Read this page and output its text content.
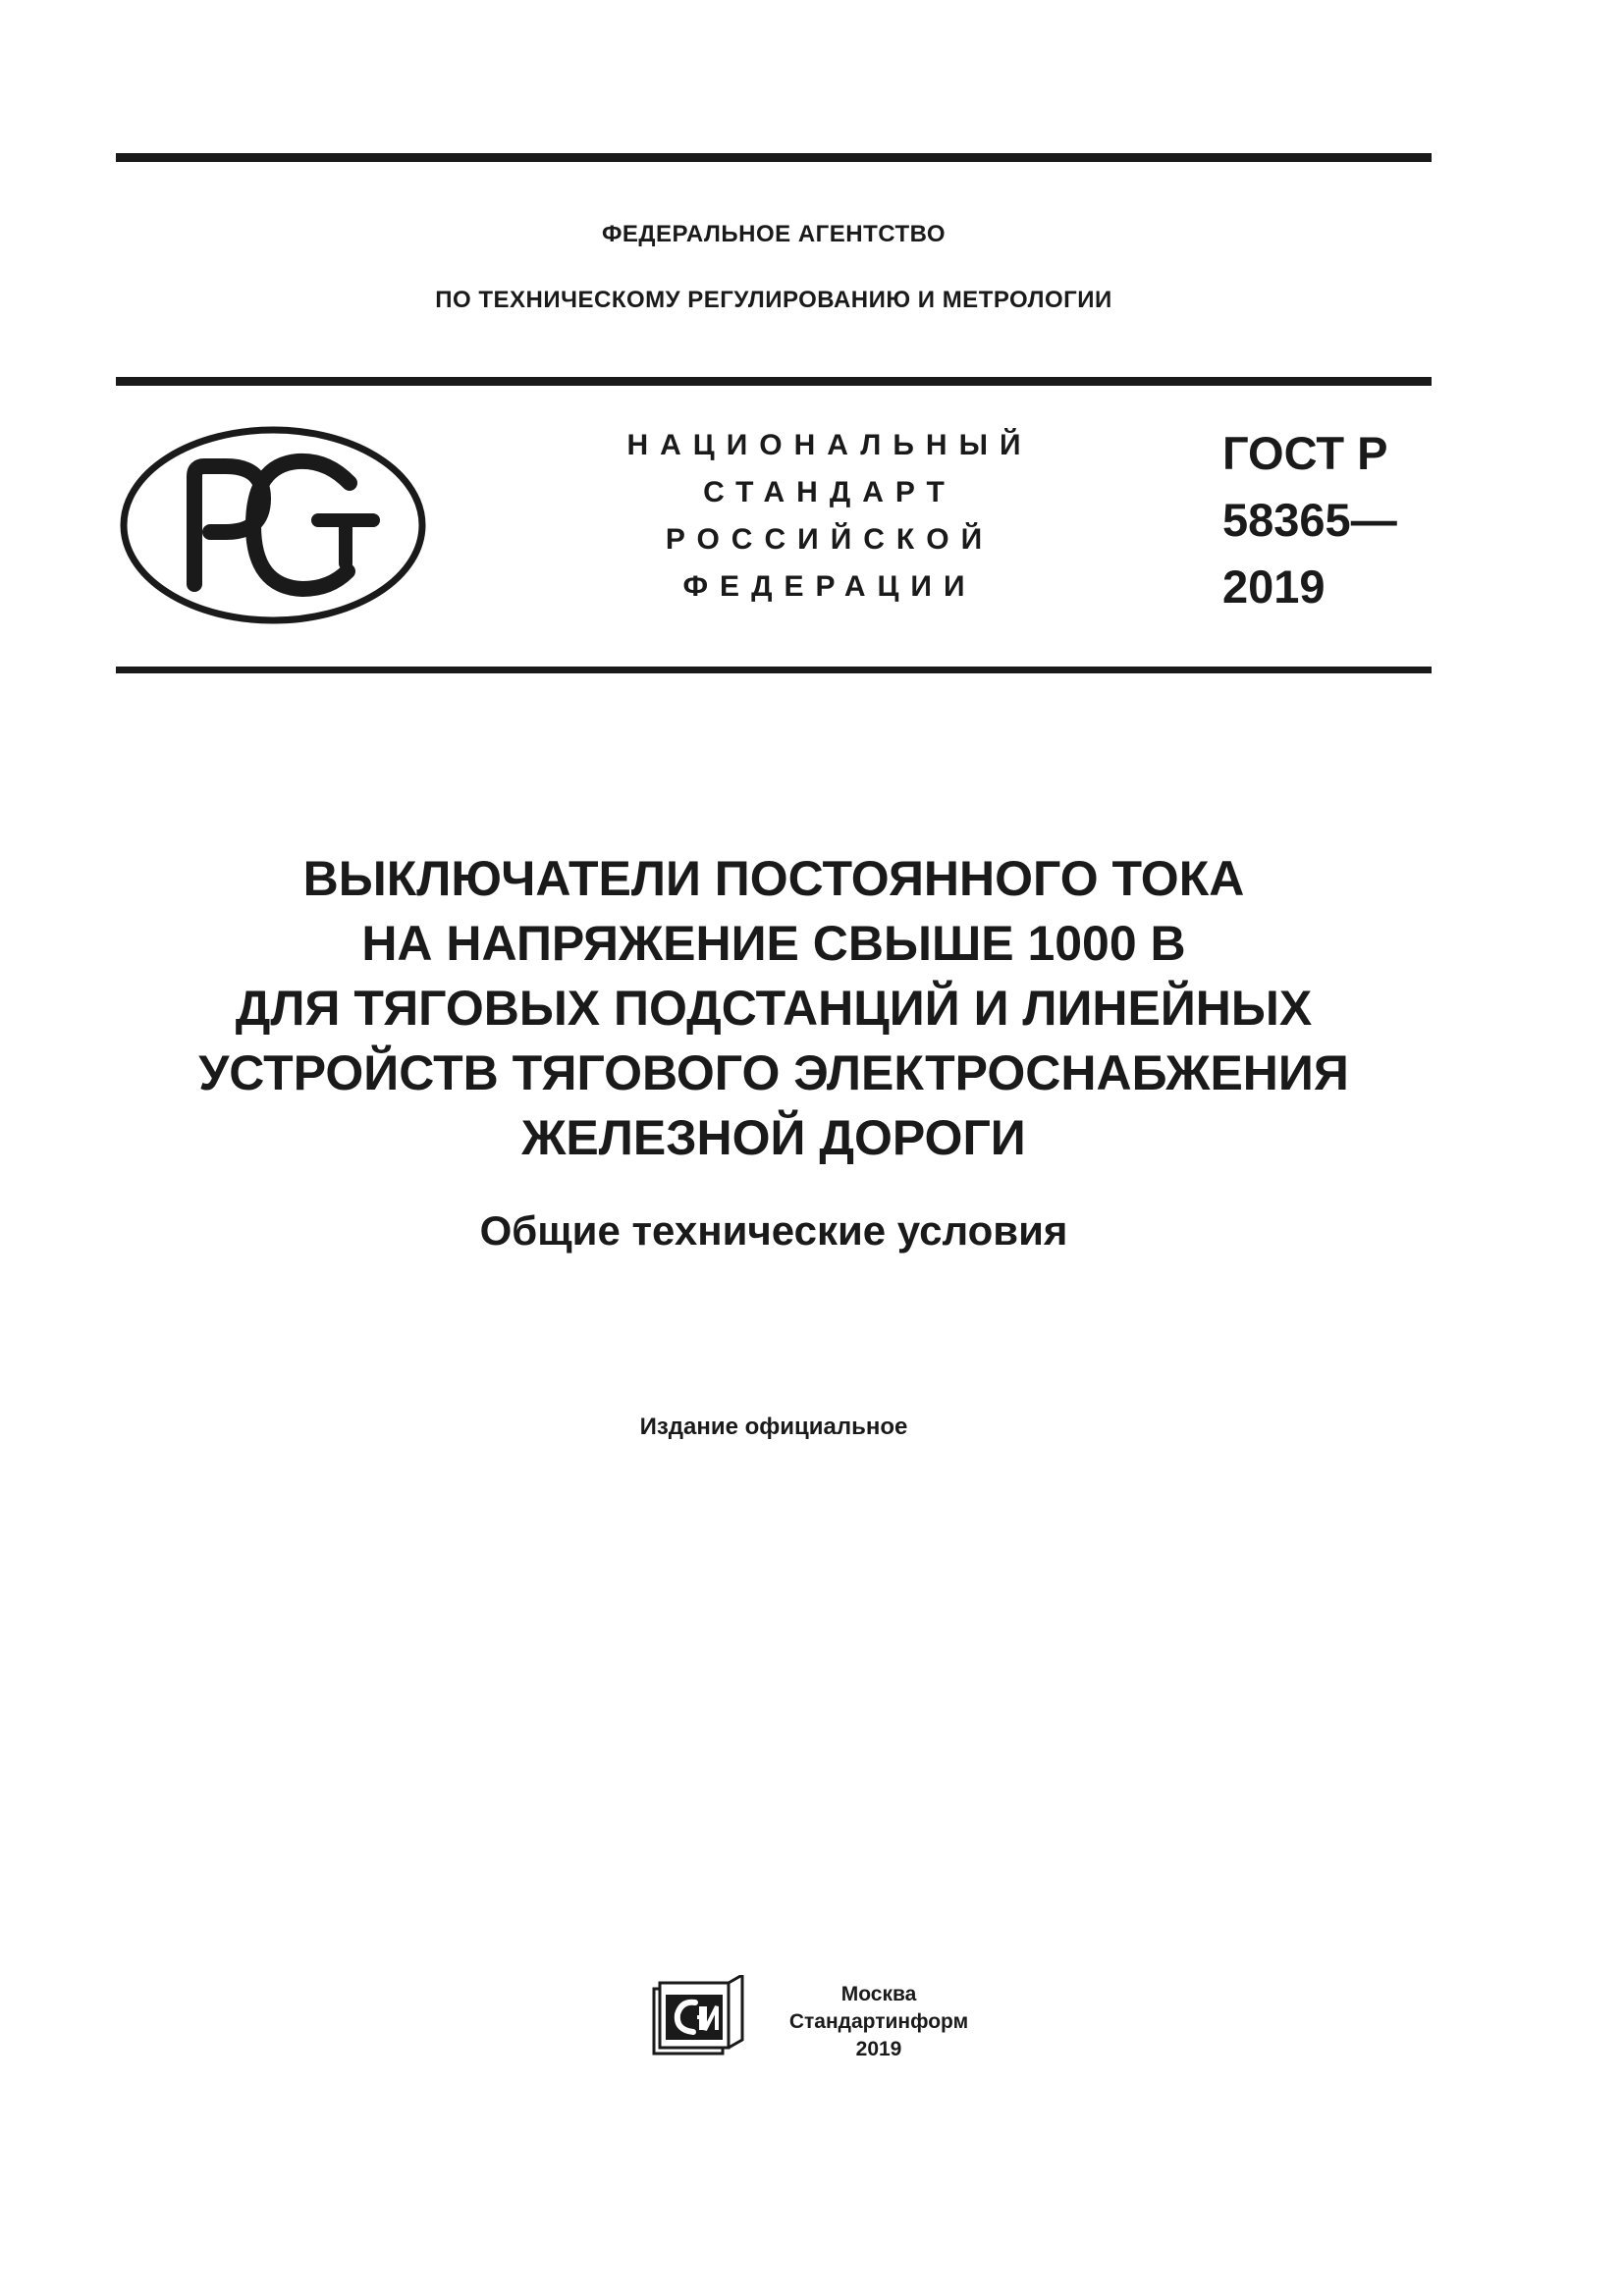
ФЕДЕРАЛЬНОЕ АГЕНТСТВО
ПО ТЕХНИЧЕСКОМУ РЕГУЛИРОВАНИЮ И МЕТРОЛОГИИ
НАЦИОНАЛЬНЫЙ
СТАНДАРТ
РОССИЙСКОЙ
ФЕДЕРАЦИИ
ГОСТ Р
58365—
2019
ВЫКЛЮЧАТЕЛИ ПОСТОЯННОГО ТОКА
НА НАПРЯЖЕНИЕ СВЫШЕ 1000 В
ДЛЯ ТЯГОВЫХ ПОДСТАНЦИЙ И ЛИНЕЙНЫХ
УСТРОЙСТВ ТЯГОВОГО ЭЛЕКТРОСНАБЖЕНИЯ
ЖЕЛЕЗНОЙ ДОРОГИ
Общие технические условия
Издание официальное
Москва
Стандартинформ
2019
